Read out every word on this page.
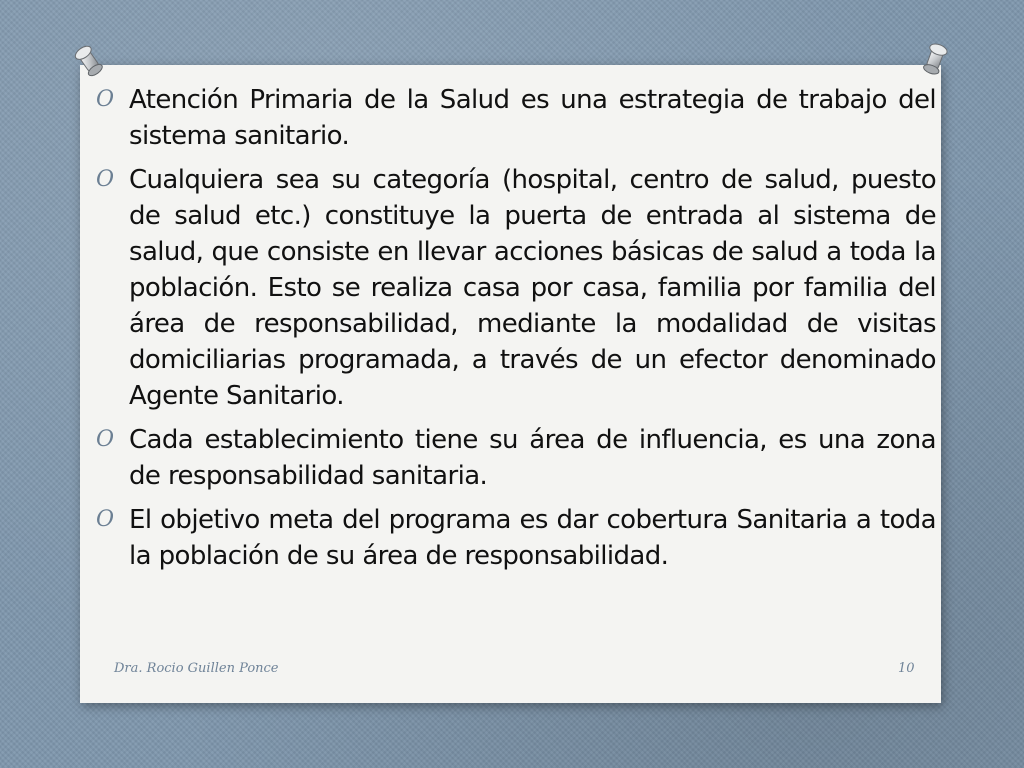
O Atención Primaria de la Salud es una estrategia de trabajo del sistema sanitario.
O Cualquiera sea su categoría (hospital, centro de salud, puesto de salud etc.) constituye la puerta de entrada al sistema de salud, que consiste en llevar acciones básicas de salud a toda la población. Esto se realiza casa por casa, familia por familia del área de responsabilidad, mediante la modalidad de visitas domiciliarias programada, a través de un efector denominado Agente Sanitario.
O Cada establecimiento tiene su área de influencia, es una zona de responsabilidad sanitaria.
O El objetivo meta del programa es dar cobertura Sanitaria a toda la población de su área de responsabilidad.
Dra. Rocio Guillen Ponce	10
